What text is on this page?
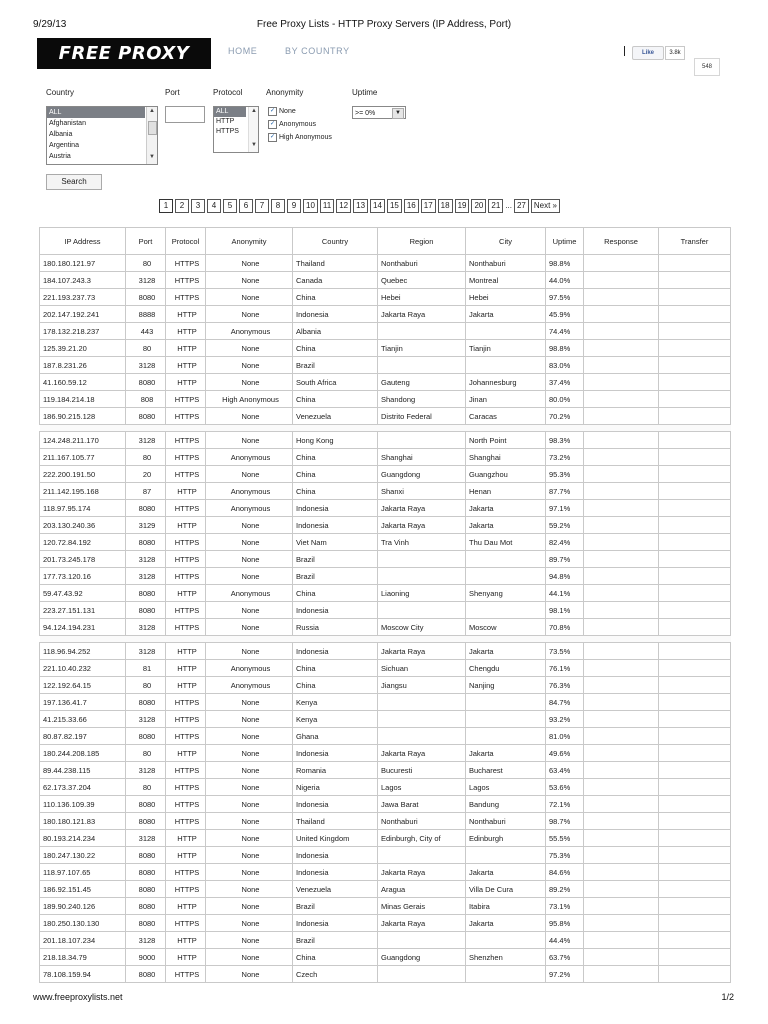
9/29/13	Free Proxy Lists - HTTP Proxy Servers (IP Address, Port)
FREE PROXY LISTS
HOME	BY COUNTRY	Like	3.8k
548
Country	Port	Protocol	Anonymity	Uptime
ALL
Afghanistan
Albania
Argentina
Austria
▲
▼
ALL
HTTP
HTTPS
▲
▼
✓ None
✓ Anonymous
✓ High Anonymous
>= 0%	▼
Search
1	2	3	4	5	6	7	8	9	10	11	12	13	14	15	16	17	18	19	20	21 ... 27	Next »
IP Address	Port	Protocol	Anonymity	Country	Region	City	Uptime	Response	Transfer
180.180.121.97	80	HTTPS	None	Thailand	Nonthaburi	Nonthaburi	98.8%		
184.107.243.3	3128	HTTPS	None	Canada	Quebec	Montreal	44.0%		
221.193.237.73	8080	HTTPS	None	China	Hebei	Hebei	97.5%		
202.147.192.241	8888	HTTP	None	Indonesia	Jakarta Raya	Jakarta	45.9%		
178.132.218.237	443	HTTP	Anonymous	Albania			74.4%		
125.39.21.20	80	HTTP	None	China	Tianjin	Tianjin	98.8%		
187.8.231.26	3128	HTTP	None	Brazil			83.0%		
41.160.59.12	8080	HTTP	None	South Africa	Gauteng	Johannesburg	37.4%		
119.184.214.18	808	HTTPS	High Anonymous	China	Shandong	Jinan	80.0%		
186.90.215.128	8080	HTTPS	None	Venezuela	Distrito Federal	Caracas	70.2%		

124.248.211.170	3128	HTTPS	None	Hong Kong		North Point	98.3%		
211.167.105.77	80	HTTPS	Anonymous	China	Shanghai	Shanghai	73.2%		
222.200.191.50	20	HTTPS	None	China	Guangdong	Guangzhou	95.3%		
211.142.195.168	87	HTTP	Anonymous	China	Shanxi	Henan	87.7%		
118.97.95.174	8080	HTTPS	Anonymous	Indonesia	Jakarta Raya	Jakarta	97.1%		
203.130.240.36	3129	HTTP	None	Indonesia	Jakarta Raya	Jakarta	59.2%		
120.72.84.192	8080	HTTPS	None	Viet Nam	Tra Vinh	Thu Dau Mot	82.4%		
201.73.245.178	3128	HTTPS	None	Brazil			89.7%		
177.73.120.16	3128	HTTPS	None	Brazil			94.8%		
59.47.43.92	8080	HTTP	Anonymous	China	Liaoning	Shenyang	44.1%		
223.27.151.131	8080	HTTPS	None	Indonesia			98.1%		
94.124.194.231	3128	HTTPS	None	Russia	Moscow City	Moscow	70.8%		

118.96.94.252	3128	HTTP	None	Indonesia	Jakarta Raya	Jakarta	73.5%		
221.10.40.232	81	HTTP	Anonymous	China	Sichuan	Chengdu	76.1%		
122.192.64.15	80	HTTP	Anonymous	China	Jiangsu	Nanjing	76.3%		
197.136.41.7	8080	HTTPS	None	Kenya			84.7%		
41.215.33.66	3128	HTTPS	None	Kenya			93.2%		
80.87.82.197	8080	HTTPS	None	Ghana			81.0%		
180.244.208.185	80	HTTP	None	Indonesia	Jakarta Raya	Jakarta	49.6%		
89.44.238.115	3128	HTTPS	None	Romania	Bucuresti	Bucharest	63.4%		
62.173.37.204	80	HTTPS	None	Nigeria	Lagos	Lagos	53.6%		
110.136.109.39	8080	HTTPS	None	Indonesia	Jawa Barat	Bandung	72.1%		
180.180.121.83	8080	HTTPS	None	Thailand	Nonthaburi	Nonthaburi	98.7%		
80.193.214.234	3128	HTTP	None	United Kingdom	Edinburgh, City of	Edinburgh	55.5%		
180.247.130.22	8080	HTTP	None	Indonesia			75.3%		
118.97.107.65	8080	HTTPS	None	Indonesia	Jakarta Raya	Jakarta	84.6%		
186.92.151.45	8080	HTTPS	None	Venezuela	Aragua	Villa De Cura	89.2%		
189.90.240.126	8080	HTTP	None	Brazil	Minas Gerais	Itabira	73.1%		
180.250.130.130	8080	HTTPS	None	Indonesia	Jakarta Raya	Jakarta	95.8%		
201.18.107.234	3128	HTTP	None	Brazil			44.4%		
218.18.34.79	9000	HTTP	None	China	Guangdong	Shenzhen	63.7%		
78.108.159.94	8080	HTTPS	None	Czech			97.2%		
www.freeproxylists.net	1/2
